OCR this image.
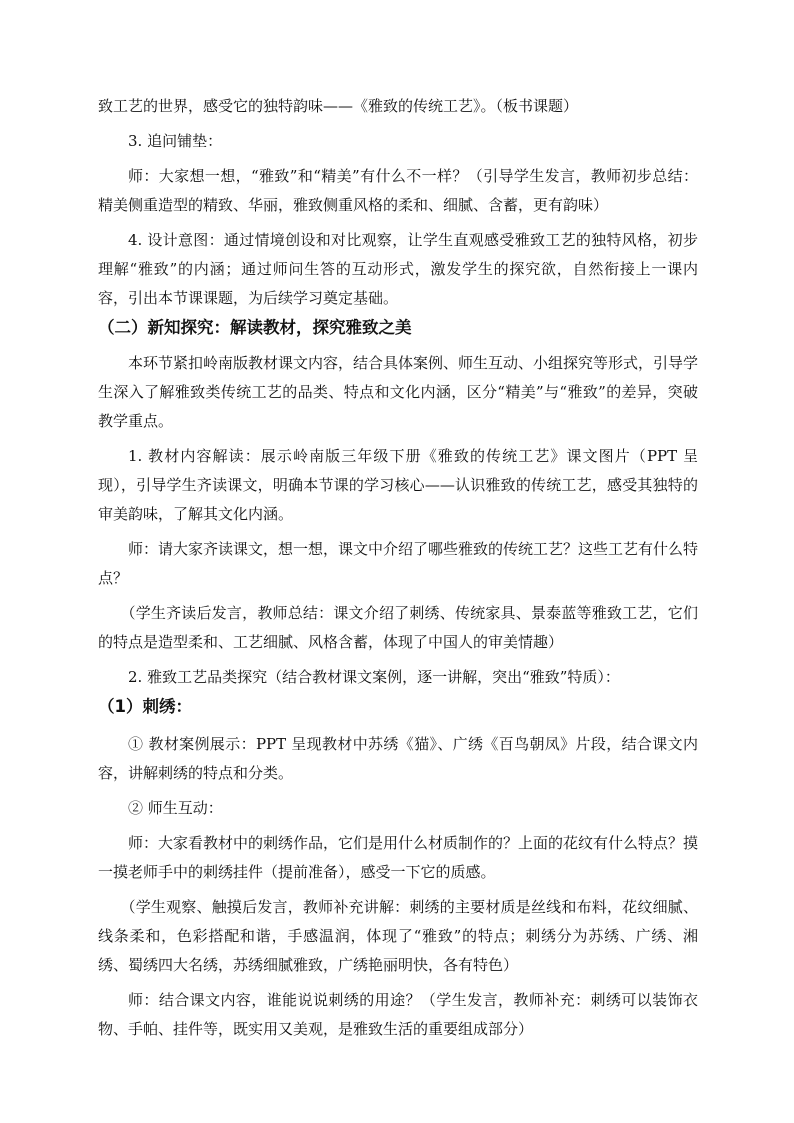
致工艺的世界，感受它的独特韵味——《雅致的传统工艺》。（板书课题）

3. 追问铺垫：

师：大家想一想，“雅致”和“精美”有什么不一样？（引导学生发言，教师初步总结：精美侧重造型的精致、华丽，雅致侧重风格的柔和、细腻、含蓄，更有韵味）

4. 设计意图：通过情境创设和对比观察，让学生直观感受雅致工艺的独特风格，初步理解“雅致”的内涵；通过师问生答的互动形式，激发学生的探究欲，自然衔接上一课内容，引出本节课课题，为后续学习奠定基础。

（二）新知探究：解读教材，探究雅致之美

本环节紧扣岭南版教材课文内容，结合具体案例、师生互动、小组探究等形式，引导学生深入了解雅致类传统工艺的品类、特点和文化内涵，区分“精美”与“雅致”的差异，突破教学重点。

1. 教材内容解读：展示岭南版三年级下册《雅致的传统工艺》课文图片（PPT 呈现），引导学生齐读课文，明确本节课的学习核心——认识雅致的传统工艺，感受其独特的审美韵味，了解其文化内涵。

师：请大家齐读课文，想一想，课文中介绍了哪些雅致的传统工艺？这些工艺有什么特点？

（学生齐读后发言，教师总结：课文介绍了刺绣、传统家具、景泰蓝等雅致工艺，它们的特点是造型柔和、工艺细腻、风格含蓄，体现了中国人的审美情趣）

2. 雅致工艺品类探究（结合教材课文案例，逐一讲解，突出“雅致”特质）：

（1）刺绣：

① 教材案例展示：PPT 呈现教材中苏绣《猫》、广绣《百鸟朝凤》片段，结合课文内容，讲解刺绣的特点和分类。

② 师生互动：

师：大家看教材中的刺绣作品，它们是用什么材质制作的？上面的花纹有什么特点？摸一摸老师手中的刺绣挂件（提前准备），感受一下它的质感。

（学生观察、触摸后发言，教师补充讲解：刺绣的主要材质是丝线和布料，花纹细腻、线条柔和，色彩搭配和谐，手感温润，体现了“雅致”的特点；刺绣分为苏绣、广绣、湘绣、蜀绣四大名绣，苏绣细腻雅致，广绣艳丽明快，各有特色）

师：结合课文内容，谁能说说刺绣的用途？（学生发言，教师补充：刺绣可以装饰衣物、手帕、挂件等，既实用又美观，是雅致生活的重要组成部分）
